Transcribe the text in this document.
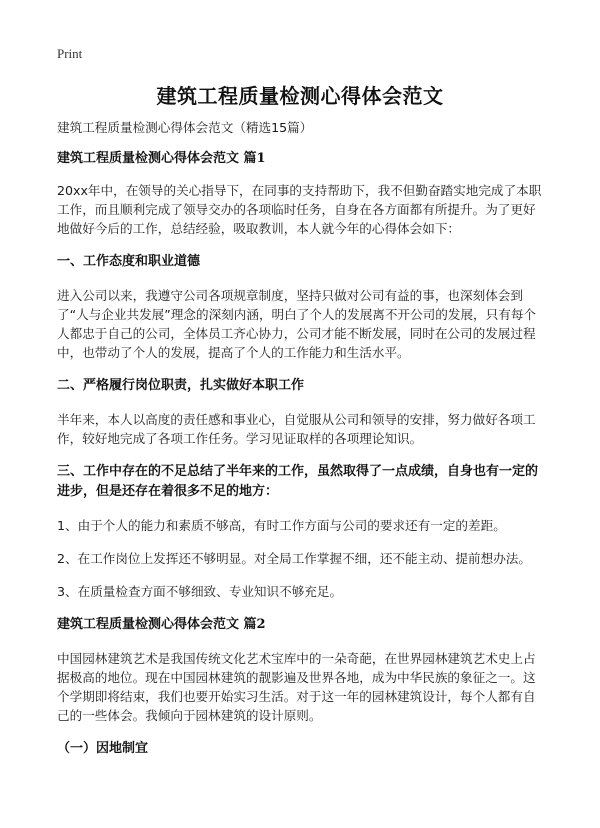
Print
建筑工程质量检测心得体会范文

建筑工程质量检测心得体会范文（精选15篇）

建筑工程质量检测心得体会范文 篇1

20xx年中，在领导的关心指导下，在同事的支持帮助下，我不但勤奋踏实地完成了本职工作，而且顺利完成了领导交办的各项临时任务，自身在各方面都有所提升。为了更好地做好今后的工作，总结经验，吸取教训，本人就今年的心得体会如下：

一、工作态度和职业道德

进入公司以来，我遵守公司各项规章制度，坚持只做对公司有益的事，也深刻体会到了“人与企业共发展”理念的深刻内涵，明白了个人的发展离不开公司的发展，只有每个人都忠于自己的公司，全体员工齐心协力，公司才能不断发展，同时在公司的发展过程中，也带动了个人的发展，提高了个人的工作能力和生活水平。

二、严格履行岗位职责，扎实做好本职工作

半年来，本人以高度的责任感和事业心，自觉服从公司和领导的安排，努力做好各项工作，较好地完成了各项工作任务。学习见证取样的各项理论知识。

三、工作中存在的不足总结了半年来的工作，虽然取得了一点成绩，自身也有一定的进步，但是还存在着很多不足的地方：

1、由于个人的能力和素质不够高，有时工作方面与公司的要求还有一定的差距。

2、在工作岗位上发挥还不够明显。对全局工作掌握不细，还不能主动、提前想办法。

3、在质量检查方面不够细致、专业知识不够充足。

建筑工程质量检测心得体会范文 篇2

中国园林建筑艺术是我国传统文化艺术宝库中的一朵奇葩，在世界园林建筑艺术史上占据极高的地位。现在中国园林建筑的靓影遍及世界各地，成为中华民族的象征之一。这个学期即将结束，我们也要开始实习生活。对于这一年的园林建筑设计，每个人都有自己的一些体会。我倾向于园林建筑的设计原则。

（一）因地制宜
